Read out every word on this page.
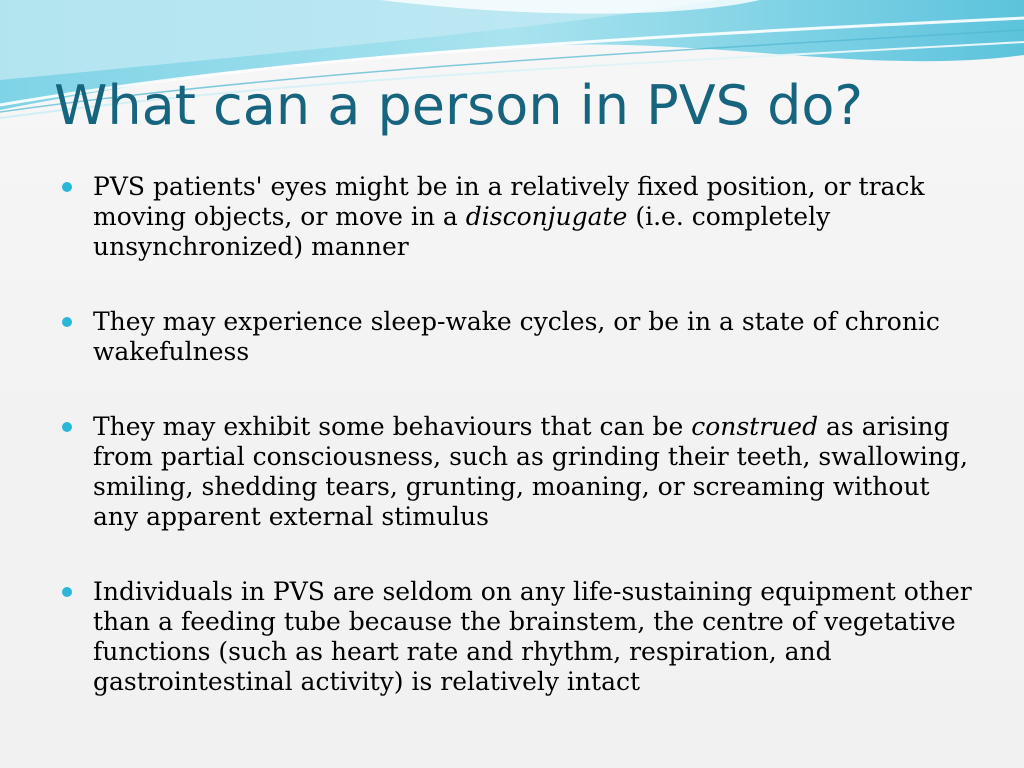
What can a person in PVS do?
PVS patients' eyes might be in a relatively fixed position, or track moving objects, or move in a disconjugate (i.e. completely unsynchronized) manner
They may experience sleep-wake cycles, or be in a state of chronic wakefulness
They may exhibit some behaviours that can be construed as arising from partial consciousness, such as grinding their teeth, swallowing, smiling, shedding tears, grunting, moaning, or screaming without any apparent external stimulus
Individuals in PVS are seldom on any life-sustaining equipment other than a feeding tube because the brainstem, the centre of vegetative functions (such as heart rate and rhythm, respiration, and gastrointestinal activity) is relatively intact
